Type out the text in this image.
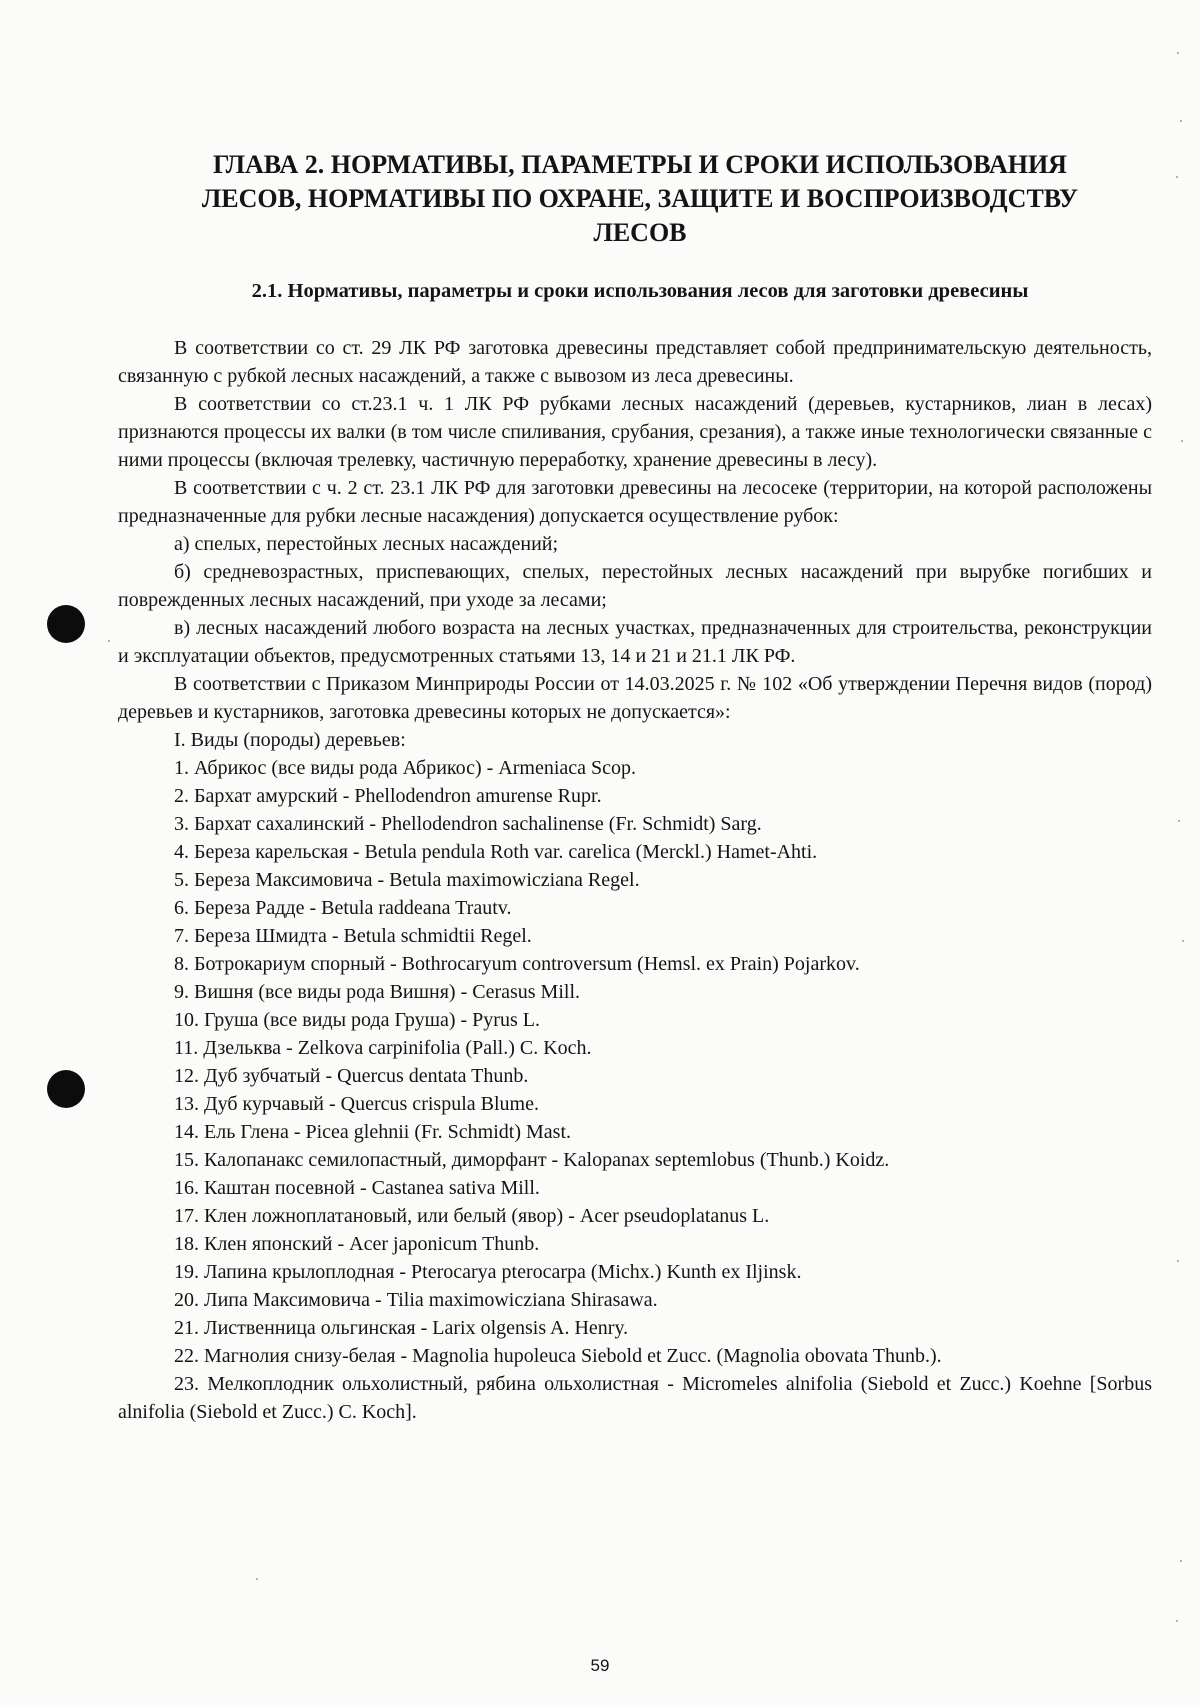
ГЛАВА 2. НОРМАТИВЫ, ПАРАМЕТРЫ И СРОКИ ИСПОЛЬЗОВАНИЯ
ЛЕСОВ, НОРМАТИВЫ ПО ОХРАНЕ, ЗАЩИТЕ И ВОСПРОИЗВОДСТВУ
ЛЕСОВ
2.1. Нормативы, параметры и сроки использования лесов для заготовки древесины

В соответствии со ст. 29 ЛК РФ заготовка древесины представляет собой предпринимательскую деятельность, связанную с рубкой лесных насаждений, а также с вывозом из леса древесины.

В соответствии со ст.23.1 ч. 1 ЛК РФ рубками лесных насаждений (деревьев, кустарников, лиан в лесах) признаются процессы их валки (в том числе спиливания, срубания, срезания), а также иные технологически связанные с ними процессы (включая трелевку, частичную переработку, хранение древесины в лесу).

В соответствии с ч. 2 ст. 23.1 ЛК РФ для заготовки древесины на лесосеке (территории, на которой расположены предназначенные для рубки лесные насаждения) допускается осуществление рубок:

а) спелых, перестойных лесных насаждений;

б) средневозрастных, приспевающих, спелых, перестойных лесных насаждений при вырубке погибших и поврежденных лесных насаждений, при уходе за лесами;

в) лесных насаждений любого возраста на лесных участках, предназначенных для строительства, реконструкции и эксплуатации объектов, предусмотренных статьями 13, 14 и 21 и 21.1 ЛК РФ.

В соответствии с Приказом Минприроды России от 14.03.2025 г. № 102 «Об утверждении Перечня видов (пород) деревьев и кустарников, заготовка древесины которых не допускается»:

I. Виды (породы) деревьев:

1. Абрикос (все виды рода Абрикос) - Armeniaca Scop.

2. Бархат амурский - Phellodendron amurense Rupr.

3. Бархат сахалинский - Phellodendron sachalinense (Fr. Schmidt) Sarg.

4. Береза карельская - Betula pendula Roth var. carelica (Merckl.) Hamet-Ahti.

5. Береза Максимовича - Betula maximowicziana Regel.

6. Береза Радде - Betula raddeana Trautv.

7. Береза Шмидта - Betula schmidtii Regel.

8. Ботрокариум спорный - Bothrocaryum controversum (Hemsl. ex Prain) Pojarkov.

9. Вишня (все виды рода Вишня) - Cerasus Mill.

10. Груша (все виды рода Груша) - Pyrus L.

11. Дзельква - Zelkova carpinifolia (Pall.) C. Koch.

12. Дуб зубчатый - Quercus dentata Thunb.

13. Дуб курчавый - Quercus crispula Blume.

14. Ель Глена - Picea glehnii (Fr. Schmidt) Mast.

15. Калопанакс семилопастный, диморфант - Kalopanax septemlobus (Thunb.) Koidz.

16. Каштан посевной - Castanea sativa Mill.

17. Клен ложноплатановый, или белый (явор) - Acer pseudoplatanus L.

18. Клен японский - Acer japonicum Thunb.

19. Лапина крылоплодная - Pterocarya pterocarpa (Michx.) Kunth ex Iljinsk.

20. Липа Максимовича - Tilia maximowicziana Shirasawa.

21. Лиственница ольгинская - Larix olgensis A. Henry.

22. Магнолия снизу-белая - Magnolia hupoleuca Siebold et Zucc. (Magnolia obovata Thunb.).

23. Мелкоплодник ольхолистный, рябина ольхолистная - Micromeles alnifolia (Siebold et Zucc.) Koehne [Sorbus alnifolia (Siebold et Zucc.) C. Koch].

59
